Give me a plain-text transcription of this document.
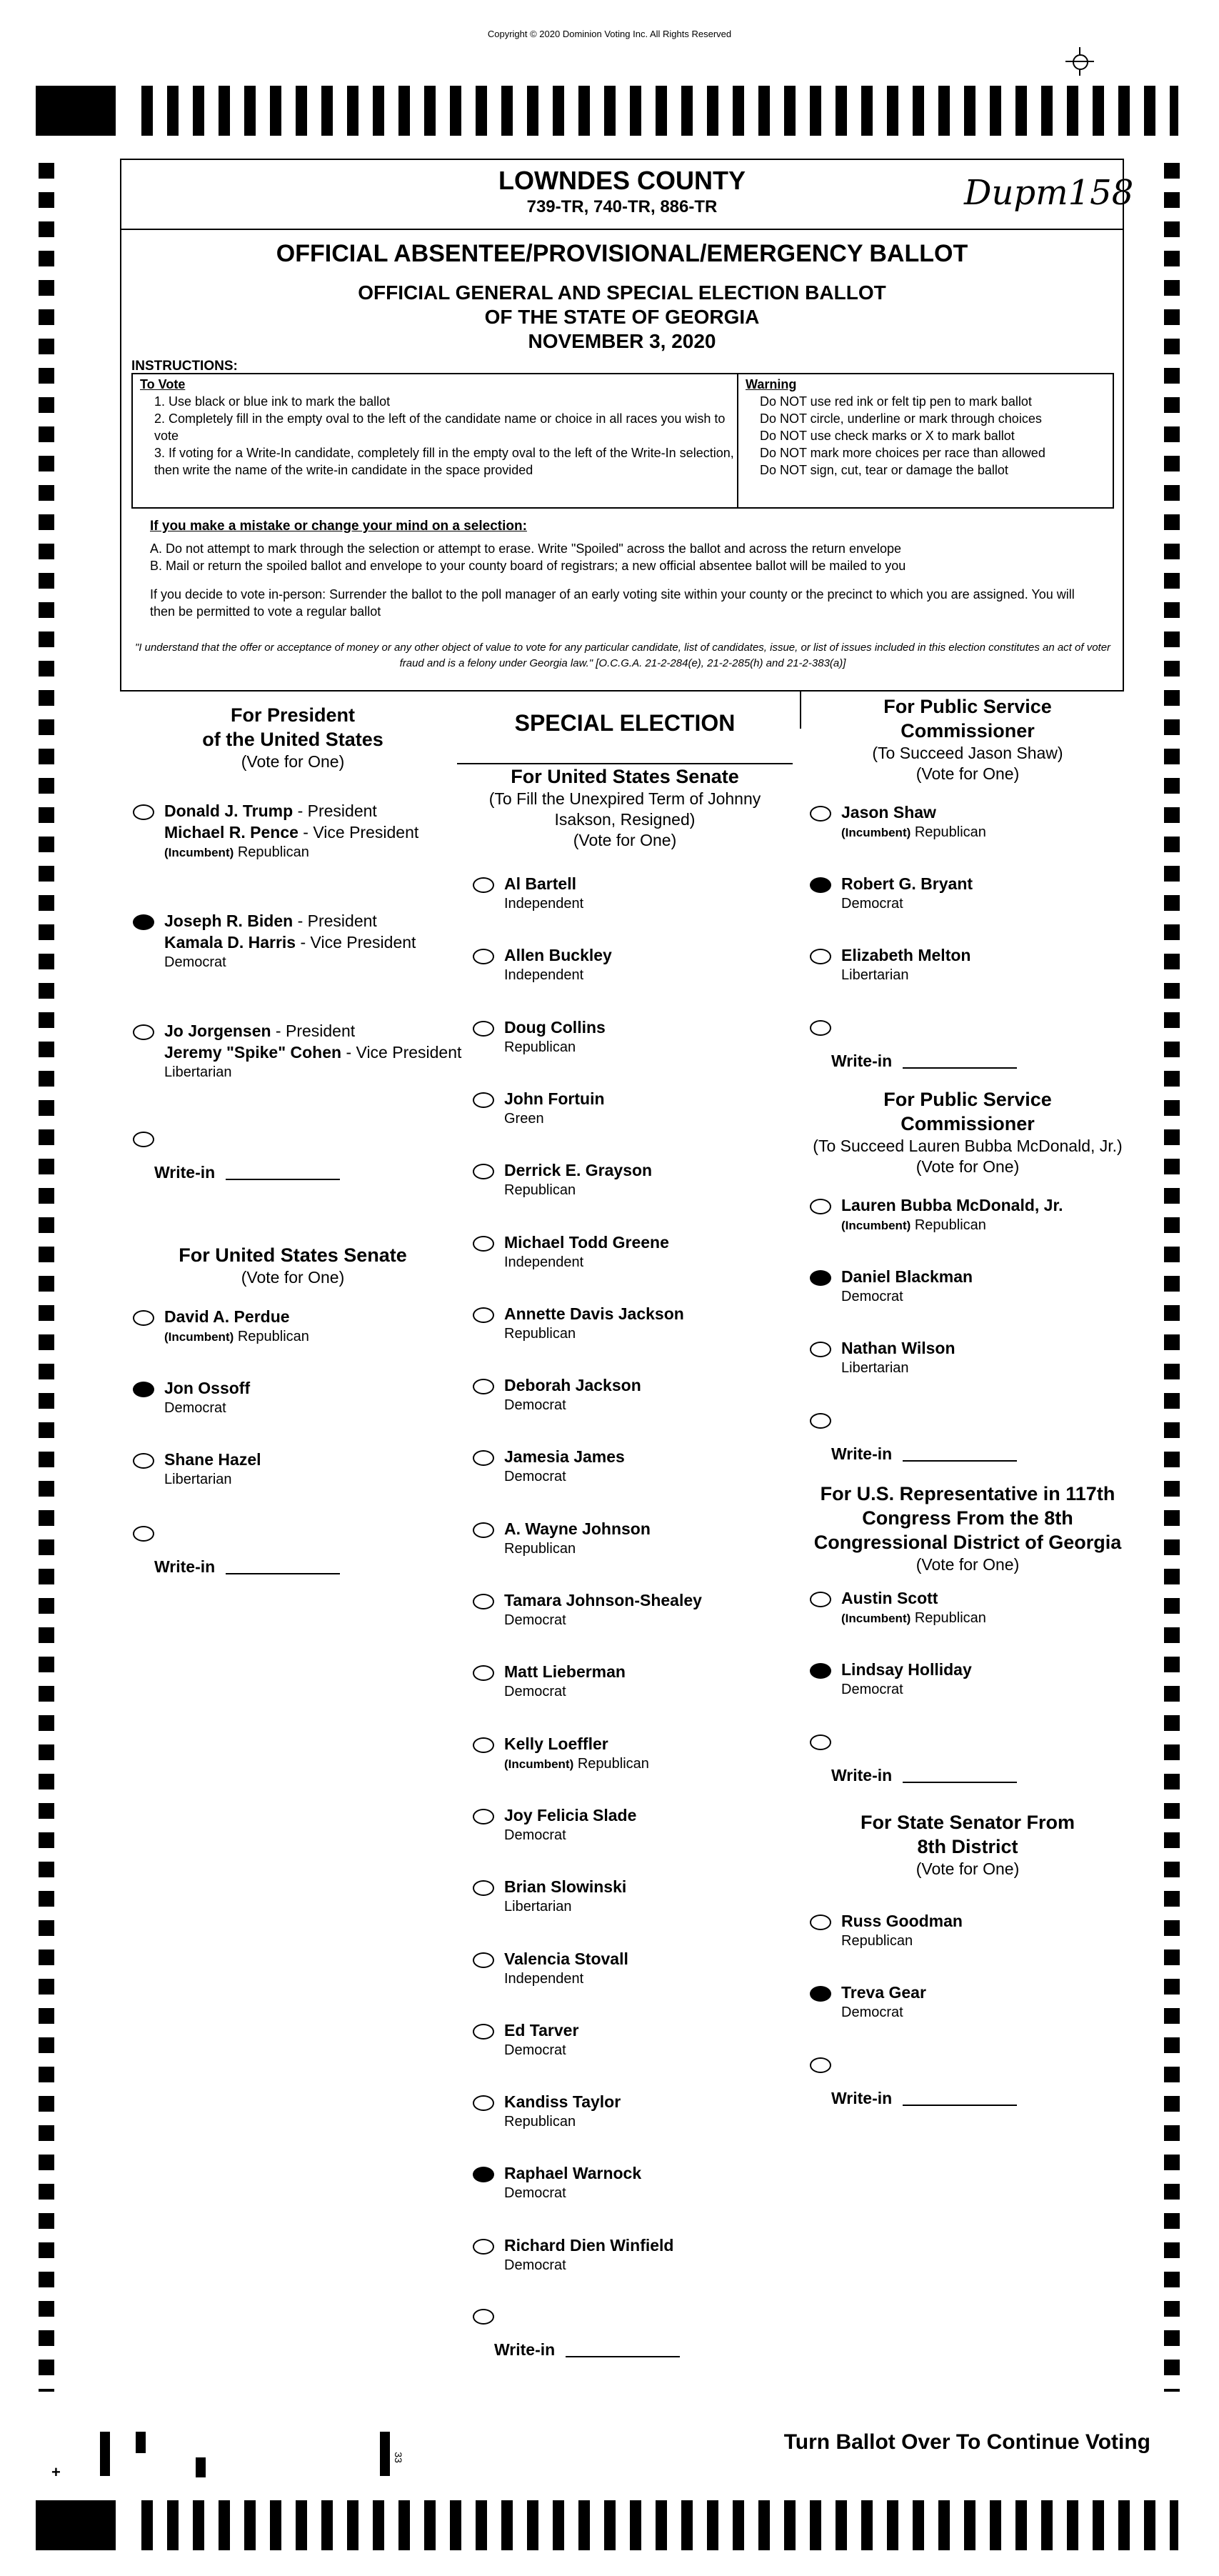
Copyright © 2020 Dominion Voting Inc. All Rights Reserved
LOWNDES COUNTY
739-TR, 740-TR, 886-TR	Dupm158
OFFICIAL ABSENTEE/PROVISIONAL/EMERGENCY BALLOT
OFFICIAL GENERAL AND SPECIAL ELECTION BALLOT
OF THE STATE OF GEORGIA
NOVEMBER 3, 2020
INSTRUCTIONS:
To Vote
1. Use black or blue ink to mark the ballot
2. Completely fill in the empty oval to the left of the candidate name or choice in all races you wish to vote
3. If voting for a Write-In candidate, completely fill in the empty oval to the left of the Write-In selection, then write the name of the write-in candidate in the space provided
Warning
Do NOT use red ink or felt tip pen to mark ballot
Do NOT circle, underline or mark through choices
Do NOT use check marks or X to mark ballot
Do NOT mark more choices per race than allowed
Do NOT sign, cut, tear or damage the ballot
If you make a mistake or change your mind on a selection:
A. Do not attempt to mark through the selection or attempt to erase. Write "Spoiled" across the ballot and across the return envelope
B. Mail or return the spoiled ballot and envelope to your county board of registrars; a new official absentee ballot will be mailed to you
If you decide to vote in-person: Surrender the ballot to the poll manager of an early voting site within your county or the precinct to which you are assigned. You will then be permitted to vote a regular ballot
"I understand that the offer or acceptance of money or any other object of value to vote for any particular candidate, list of candidates, issue, or list of issues included in this election constitutes an act of voter fraud and is a felony under Georgia law." [O.C.G.A. 21-2-284(e), 21-2-285(h) and 21-2-383(a)]
For President
of the United States
(Vote for One)
For United States Senate
(Vote for One)
SPECIAL ELECTION
For United States Senate
(To Fill the Unexpired Term of Johnny
Isakson, Resigned)
(Vote for One)
For Public Service
Commissioner
(To Succeed Jason Shaw)
(Vote for One)
For Public Service
Commissioner
(To Succeed Lauren Bubba McDonald, Jr.)
(Vote for One)
For U.S. Representative in 117th
Congress From the 8th
Congressional District of Georgia
(Vote for One)
For State Senator From
8th District
(Vote for One)
Donald J. Trump - President
Michael R. Pence - Vice President
(Incumbent) Republican
Joseph R. Biden - President
Kamala D. Harris - Vice President
Democrat
Jo Jorgensen - President
Jeremy "Spike" Cohen - Vice President
Libertarian
Write-in
David A. Perdue
(Incumbent) Republican
Jon Ossoff
Democrat
Shane Hazel
Libertarian
Write-in
Al Bartell
Independent
Allen Buckley
Independent
Doug Collins
Republican
John Fortuin
Green
Derrick E. Grayson
Republican
Michael Todd Greene
Independent
Annette Davis Jackson
Republican
Deborah Jackson
Democrat
Jamesia James
Democrat
A. Wayne Johnson
Republican
Tamara Johnson-Shealey
Democrat
Matt Lieberman
Democrat
Kelly Loeffler
(Incumbent) Republican
Joy Felicia Slade
Democrat
Brian Slowinski
Libertarian
Valencia Stovall
Independent
Ed Tarver
Democrat
Kandiss Taylor
Republican
Raphael Warnock
Democrat
Richard Dien Winfield
Democrat
Write-in
Jason Shaw
(Incumbent) Republican
Robert G. Bryant
Democrat
Elizabeth Melton
Libertarian
Write-in
Lauren Bubba McDonald, Jr.
(Incumbent) Republican
Daniel Blackman
Democrat
Nathan Wilson
Libertarian
Write-in
Austin Scott
(Incumbent) Republican
Lindsay Holliday
Democrat
Write-in
Russ Goodman
Republican
Treva Gear
Democrat
Write-in
+
33
Turn Ballot Over To Continue Voting
